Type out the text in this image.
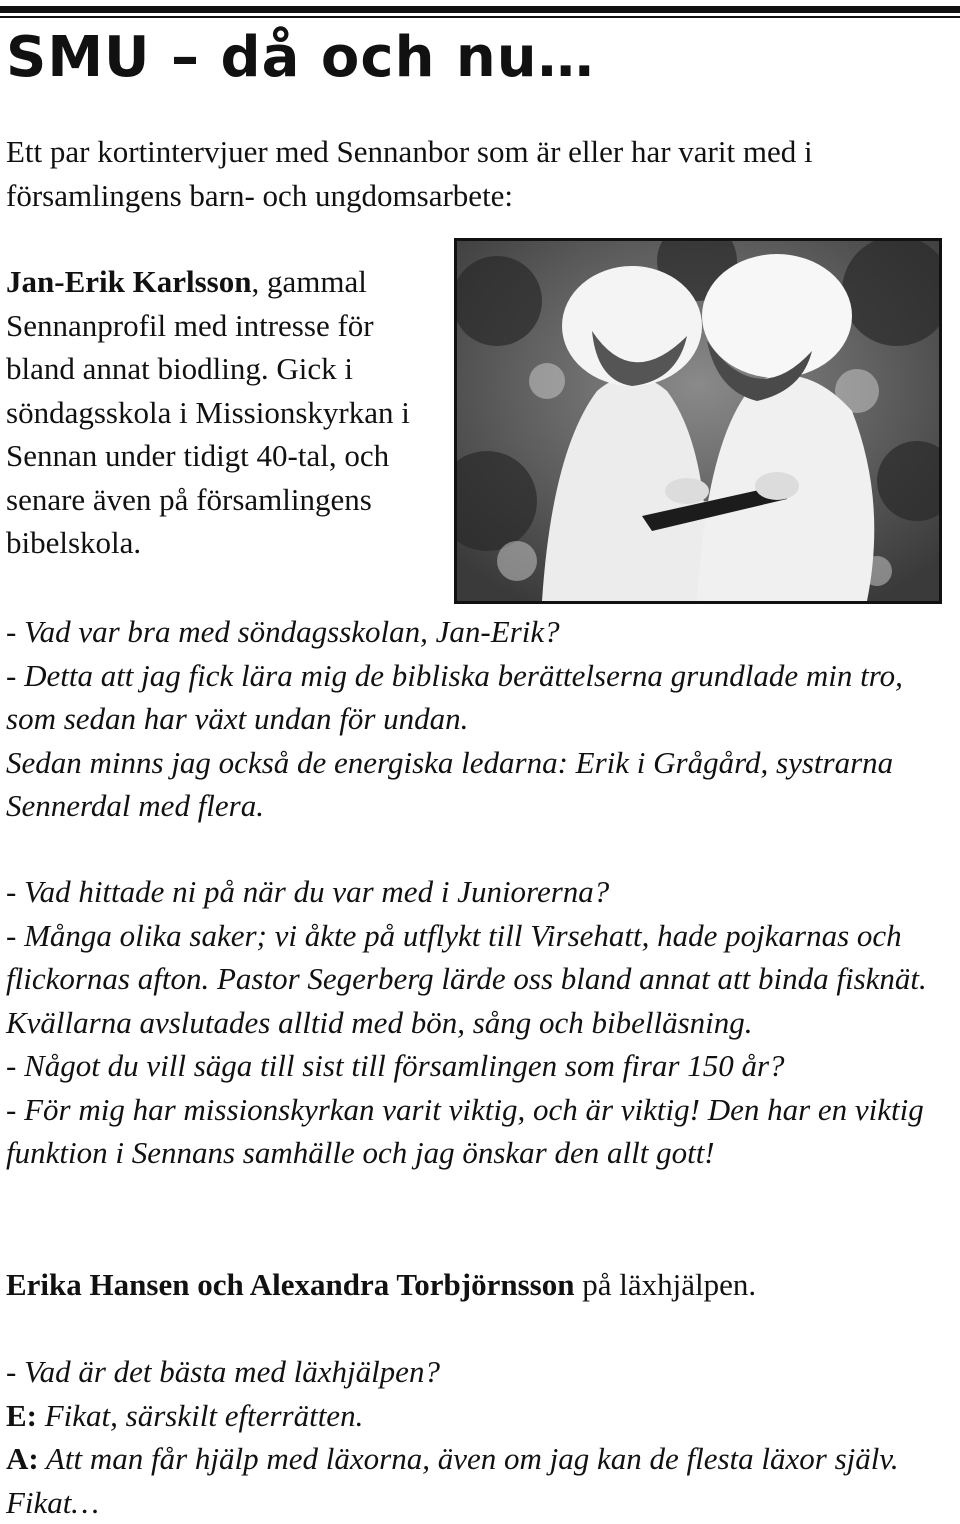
SMU – då och nu…

Ett par kortintervjuer med Sennanbor som är eller har varit med i församlingens barn- och ungdomsarbete:

Jan-Erik Karlsson, gammal Sennanprofil med intresse för bland annat biodling. Gick i söndagsskola i Missionskyrkan i Sennan under tidigt 40-tal, och senare även på församlingens bibelskola.

- Vad var bra med söndagsskolan, Jan-Erik?

- Detta att jag fick lära mig de bibliska berättelserna grundlade min tro, som sedan har växt undan för undan.

Sedan minns jag också de energiska ledarna: Erik i Grågård, systrarna Sennerdal med flera.

- Vad hittade ni på när du var med i Juniorerna?

- Många olika saker; vi åkte på utflykt till Virsehatt, hade pojkarnas och flickornas afton. Pastor Segerberg lärde oss bland annat att binda fisknät. Kvällarna avslutades alltid med bön, sång och bibelläsning.

- Något du vill säga till sist till församlingen som firar 150 år?

- För mig har missionskyrkan varit viktig, och är viktig! Den har en viktig funktion i Sennans samhälle och jag önskar den allt gott!

Erika Hansen och Alexandra Torbjörnsson på läxhjälpen.

- Vad är det bästa med läxhjälpen?

E: Fikat, särskilt efterrätten.

A: Att man får hjälp med läxorna, även om jag kan de flesta läxor själv. Fikat…
